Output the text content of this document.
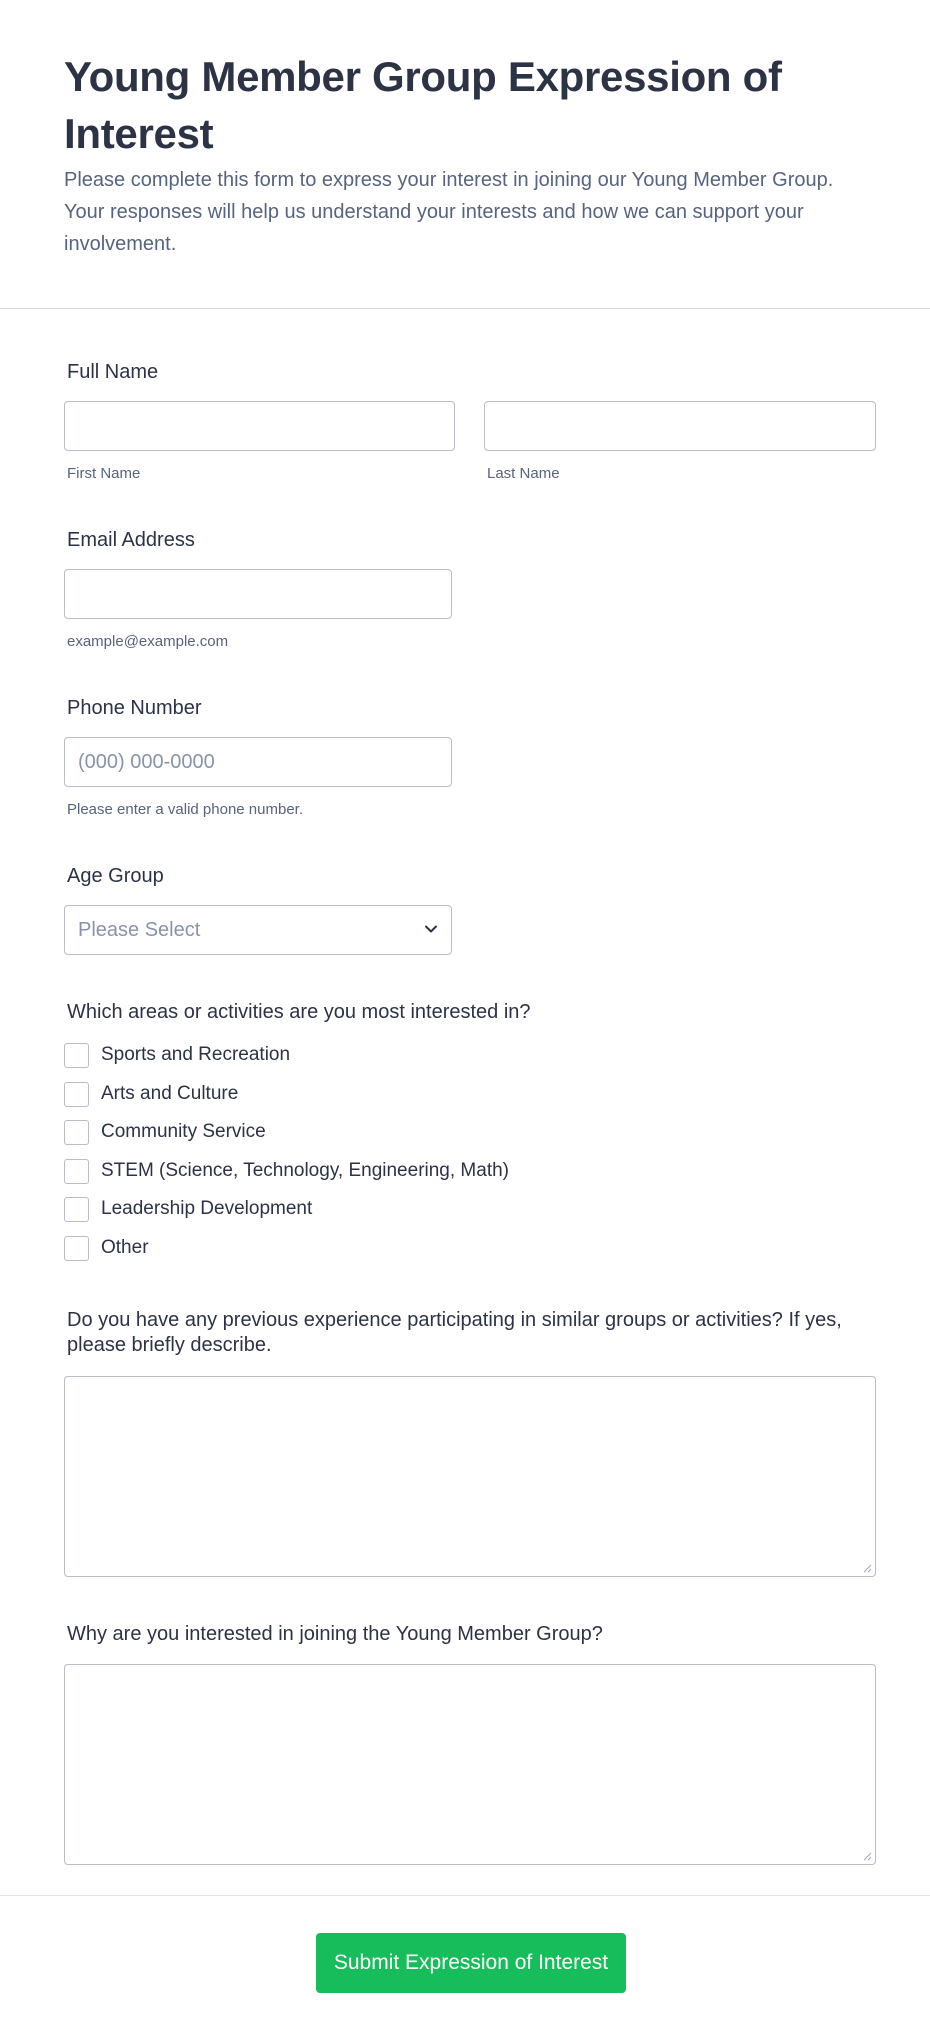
Young Member Group Expression of Interest

Please complete this form to express your interest in joining our Young Member Group. Your responses will help us understand your interests and how we can support your involvement.

Full Name
First Name	Last Name
Email Address
example@example.com
Phone Number
(000) 000-0000
Please enter a valid phone number.
Age Group
Please Select
Which areas or activities are you most interested in?
Sports and Recreation
Arts and Culture
Community Service
STEM (Science, Technology, Engineering, Math)
Leadership Development
Other
Do you have any previous experience participating in similar groups or activities? If yes, please briefly describe.
Why are you interested in joining the Young Member Group?
Submit Expression of Interest
